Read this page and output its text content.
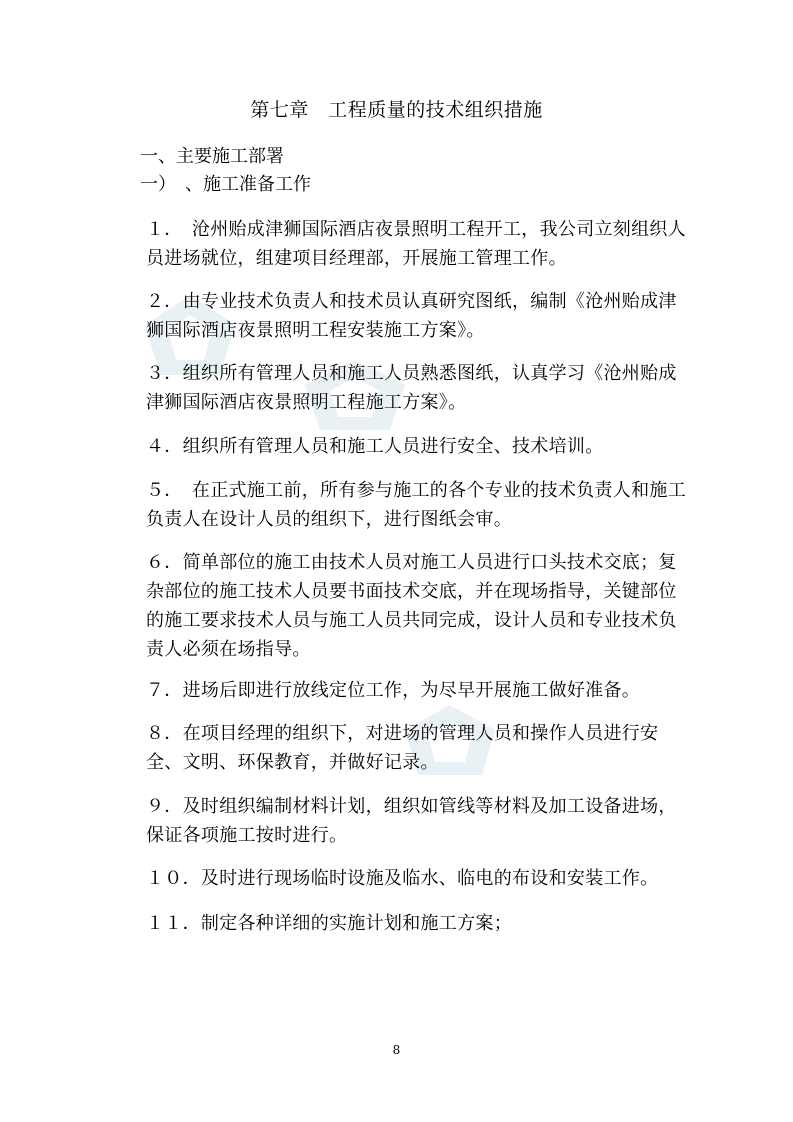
第七章　工程质量的技术组织措施
一、主要施工部署
一）　、施工准备工作
１．　沧州贻成津狮国际酒店夜景照明工程开工，我公司立刻组织人员进场就位，组建项目经理部，开展施工管理工作。
２．由专业技术负责人和技术员认真研究图纸，编制《沧州贻成津狮国际酒店夜景照明工程安装施工方案》。
３．组织所有管理人员和施工人员熟悉图纸，认真学习《沧州贻成津狮国际酒店夜景照明工程施工方案》。
４．组织所有管理人员和施工人员进行安全、技术培训。
５．　在正式施工前，所有参与施工的各个专业的技术负责人和施工负责人在设计人员的组织下，进行图纸会审。
６．简单部位的施工由技术人员对施工人员进行口头技术交底；复杂部位的施工技术人员要书面技术交底，并在现场指导，关键部位的施工要求技术人员与施工人员共同完成，设计人员和专业技术负责人必须在场指导。
７．进场后即进行放线定位工作，为尽早开展施工做好准备。
８．在项目经理的组织下，对进场的管理人员和操作人员进行安全、文明、环保教育，并做好记录。
９．及时组织编制材料计划，组织如管线等材料及加工设备进场，保证各项施工按时进行。
１０．及时进行现场临时设施及临水、临电的布设和安装工作。
１１．制定各种详细的实施计划和施工方案；
8
